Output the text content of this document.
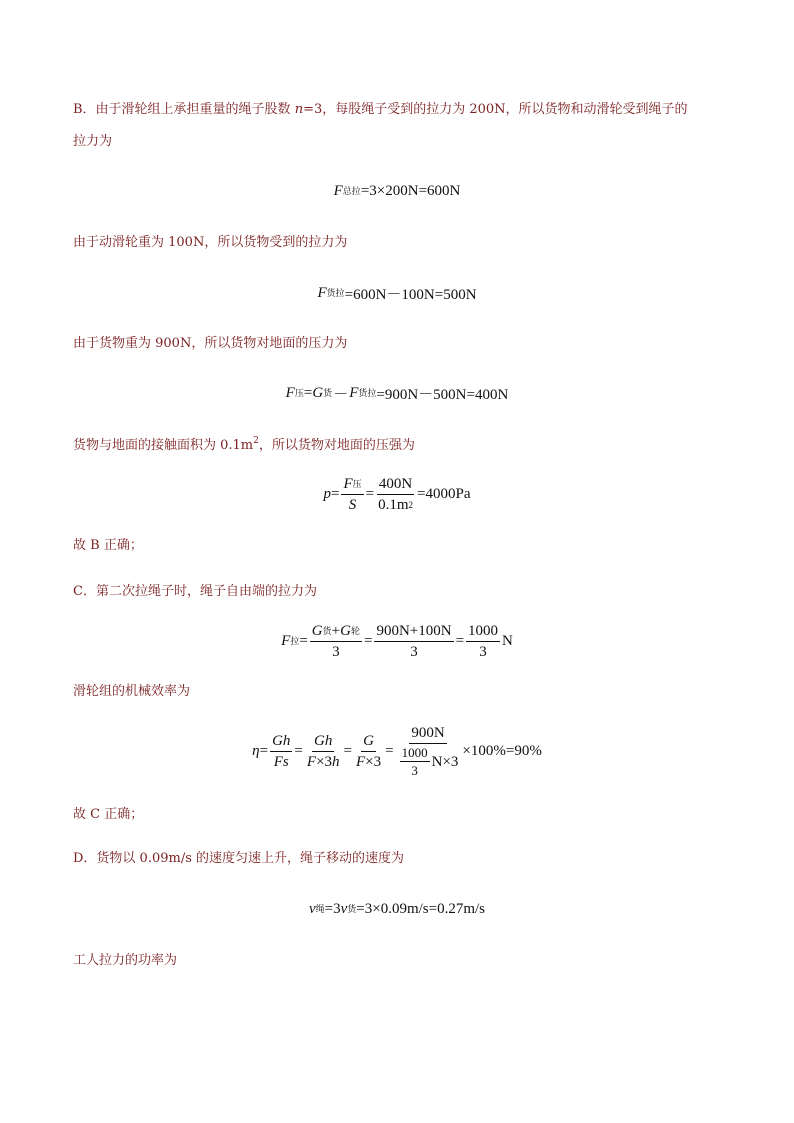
B．由于滑轮组上承担重量的绳子股数 n=3，每股绳子受到的拉力为 200N，所以货物和动滑轮受到绳子的
拉力为
F 总拉 =3×200N=600N
由于动滑轮重为 100N，所以货物受到的拉力为
F 货拉 =600N－100N=500N
由于货物重为 900N，所以货物对地面的压力为
F 压 = G 货 － F 货拉 =900N－500N=400N
货物与地面的接触面积为 $0.1m^2$，所以货物对地面的压强为
$p = \frac{\text{F 压}}{S} = \frac{400N}{0.1m 2} =4000Pa$
故 B 正确；
C．第二次拉绳子时，绳子自由端的拉力为
F 拉 = $\frac{\text{G 货 + G 轮}}{3} = \frac{900N+100N}{3} = \frac{1000}{3}$ N
滑轮组的机械效率为
$\eta = \frac{Gh}{Fs} = \frac{Gh}{F \times 3 h} = \frac{G}{F \times 3} = \frac{900N}{\frac{1000}{3} N\times 3} \times 100\%=90\%$
故 C 正确；
D．货物以 0.09m/s 的速度匀速上升，绳子移动的速度为
v 绳 =3 v 货 =3×0.09m/s=0.27m/s
工人拉力的功率为
